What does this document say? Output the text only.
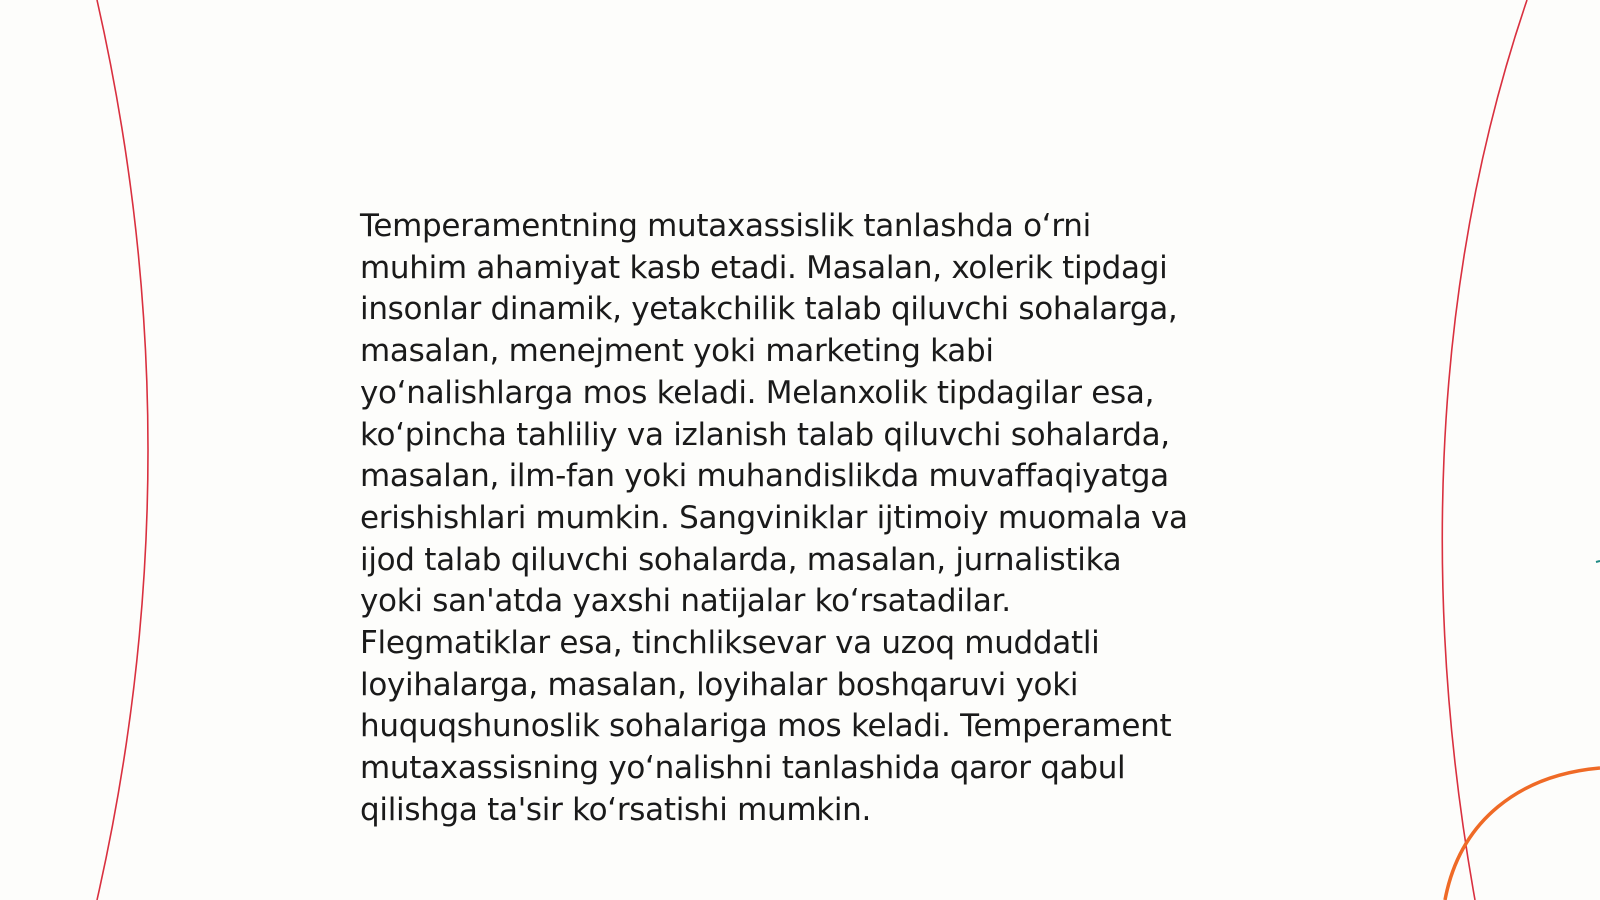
Temperamentning mutaxassislik tanlashda oʻrni
muhim ahamiyat kasb etadi. Masalan, xolerik tipdagi
insonlar dinamik, yetakchilik talab qiluvchi sohalarga,
masalan, menejment yoki marketing kabi
yoʻnalishlarga mos keladi. Melanxolik tipdagilar esa,
koʻpincha tahliliy va izlanish talab qiluvchi sohalarda,
masalan, ilm-fan yoki muhandislikda muvaffaqiyatga
erishishlari mumkin. Sangviniklar ijtimoiy muomala va
ijod talab qiluvchi sohalarda, masalan, jurnalistika
yoki san'atda yaxshi natijalar koʻrsatadilar.
Flegmatiklar esa, tinchliksevar va uzoq muddatli
loyihalarga, masalan, loyihalar boshqaruvi yoki
huquqshunoslik sohalariga mos keladi. Temperament
mutaxassisning yoʻnalishni tanlashida qaror qabul
qilishga ta'sir koʻrsatishi mumkin.
